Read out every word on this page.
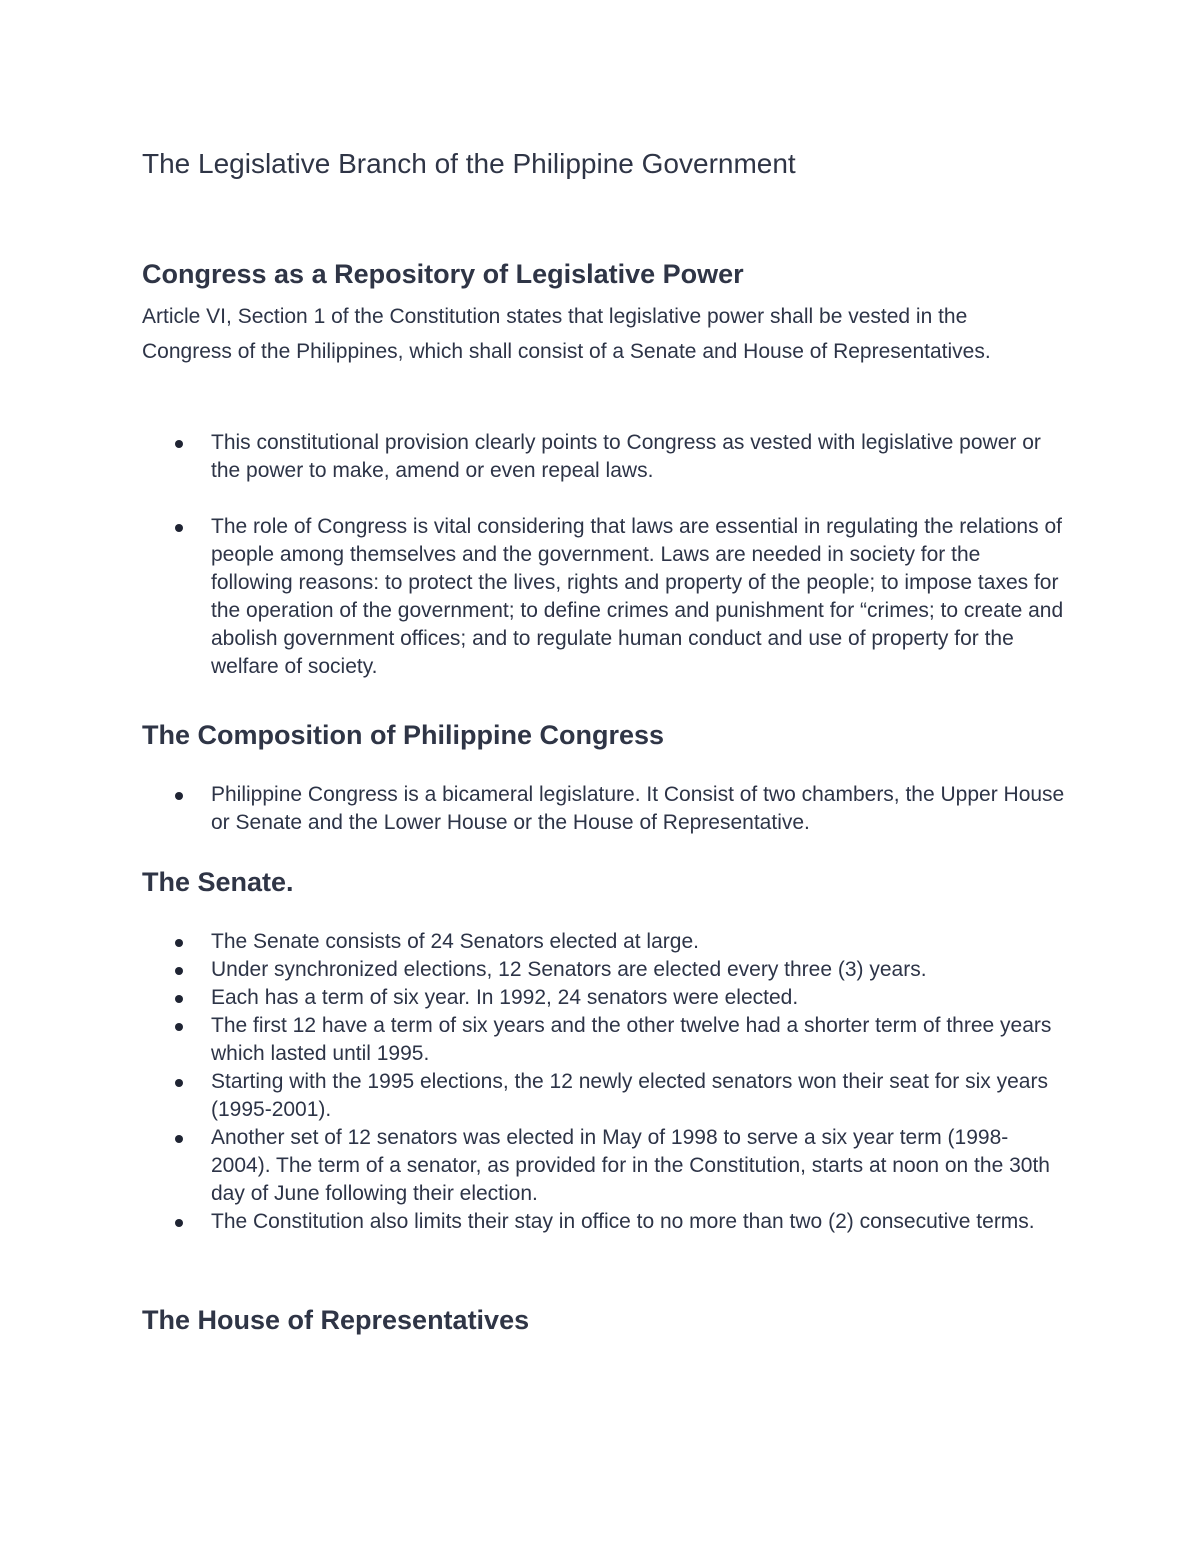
The Legislative Branch of the Philippine Government
Congress as a Repository of Legislative Power

Article VI, Section 1 of the Constitution states that legislative power shall be vested in the Congress of the Philippines, which shall consist of a Senate and House of Representatives.

This constitutional provision clearly points to Congress as vested with legislative power or the power to make, amend or even repeal laws.
The role of Congress is vital considering that laws are essential in regulating the relations of people among themselves and the government. Laws are needed in society for the following reasons: to protect the lives, rights and property of the people; to impose taxes for the operation of the government; to define crimes and punishment for “crimes; to create and abolish government offices; and to regulate human conduct and use of property for the welfare of society.
The Composition of Philippine Congress
Philippine Congress is a bicameral legislature. It Consist of two chambers, the Upper House or Senate and the Lower House or the House of Representative.
The Senate.
The Senate consists of 24 Senators elected at large.
Under synchronized elections, 12 Senators are elected every three (3) years.
Each has a term of six year. In 1992, 24 senators were elected.
The first 12 have a term of six years and the other twelve had a shorter term of three years which lasted until 1995.
Starting with the 1995 elections, the 12 newly elected senators won their seat for six years (1995-2001).
Another set of 12 senators was elected in May of 1998 to serve a six year term (1998-2004). The term of a senator, as provided for in the Constitution, starts at noon on the 30th day of June following their election.
The Constitution also limits their stay in office to no more than two (2) consecutive terms.
The House of Representatives
